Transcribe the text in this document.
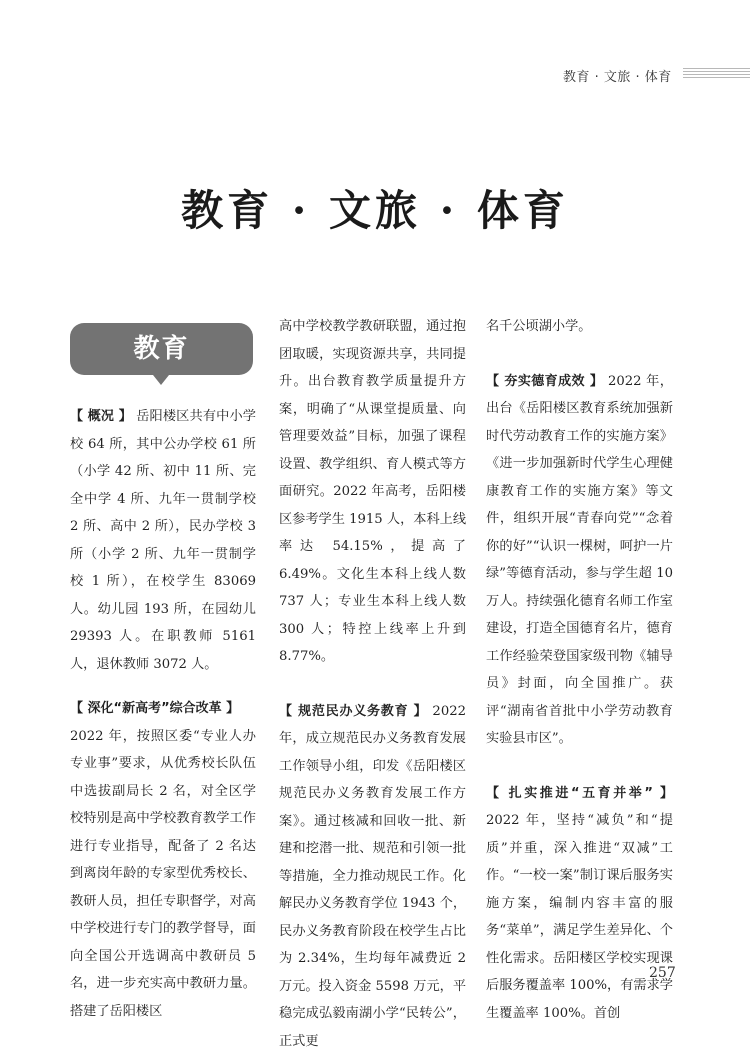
教育 · 文旅 · 体育
教育 · 文旅 · 体育
教育

【 概况 】 岳阳楼区共有中小学校 64 所，其中公办学校 61 所（小学 42 所、初中 11 所、完全中学 4 所、九年一贯制学校 2 所、高中 2 所），民办学校 3 所（小学 2 所、九年一贯制学校 1 所），在校学生 83069 人。幼儿园 193 所，在园幼儿 29393 人。在职教师 5161 人，退休教师 3072 人。

【 深化“新高考”综合改革 】
2022 年，按照区委“专业人办专业事”要求，从优秀校长队伍中选拔副局长 2 名，对全区学校特别是高中学校教育教学工作进行专业指导，配备了 2 名达到离岗年龄的专家型优秀校长、教研人员，担任专职督学，对高中学校进行专门的教学督导，面向全国公开选调高中教研员 5 名，进一步充实高中教研力量。搭建了岳阳楼区

高中学校教学教研联盟，通过抱团取暖，实现资源共享，共同提升。出台教育教学质量提升方案，明确了“从课堂提质量、向管理要效益”目标，加强了课程设置、教学组织、育人模式等方面研究。2022 年高考，岳阳楼区参考学生 1915 人，本科上线率达 54.15%，提高了 6.49%。文化生本科上线人数 737 人；专业生本科上线人数 300 人；特控上线率上升到 8.77%。

【 规范民办义务教育 】 2022 年，成立规范民办义务教育发展工作领导小组，印发《岳阳楼区规范民办义务教育发展工作方案》。通过核减和回收一批、新建和挖潜一批、规范和引领一批等措施，全力推动规民工作。化解民办义务教育学位 1943 个，民办义务教育阶段在校学生占比为 2.34%，生均每年减费近 2 万元。投入资金 5598 万元，平稳完成弘毅南湖小学“民转公”，正式更

名千公顷湖小学。

【 夯实德育成效 】 2022 年，出台《岳阳楼区教育系统加强新时代劳动教育工作的实施方案》《进一步加强新时代学生心理健康教育工作的实施方案》等文件，组织开展“青春向党”“念着你的好”“认识一棵树，呵护一片绿”等德育活动，参与学生超 10 万人。持续强化德育名师工作室建设，打造全国德育名片，德育工作经验荣登国家级刊物《辅导员》封面，向全国推广。获评“湖南省首批中小学劳动教育实验县市区”。

【 扎实推进“五育并举” 】 2022 年，坚持“减负”和“提质”并重，深入推进“双减”工作。“一校一案”制订课后服务实施方案，编制内容丰富的服务“菜单”，满足学生差异化、个性化需求。岳阳楼区学校实现课后服务覆盖率 100%，有需求学生覆盖率 100%。首创

257
